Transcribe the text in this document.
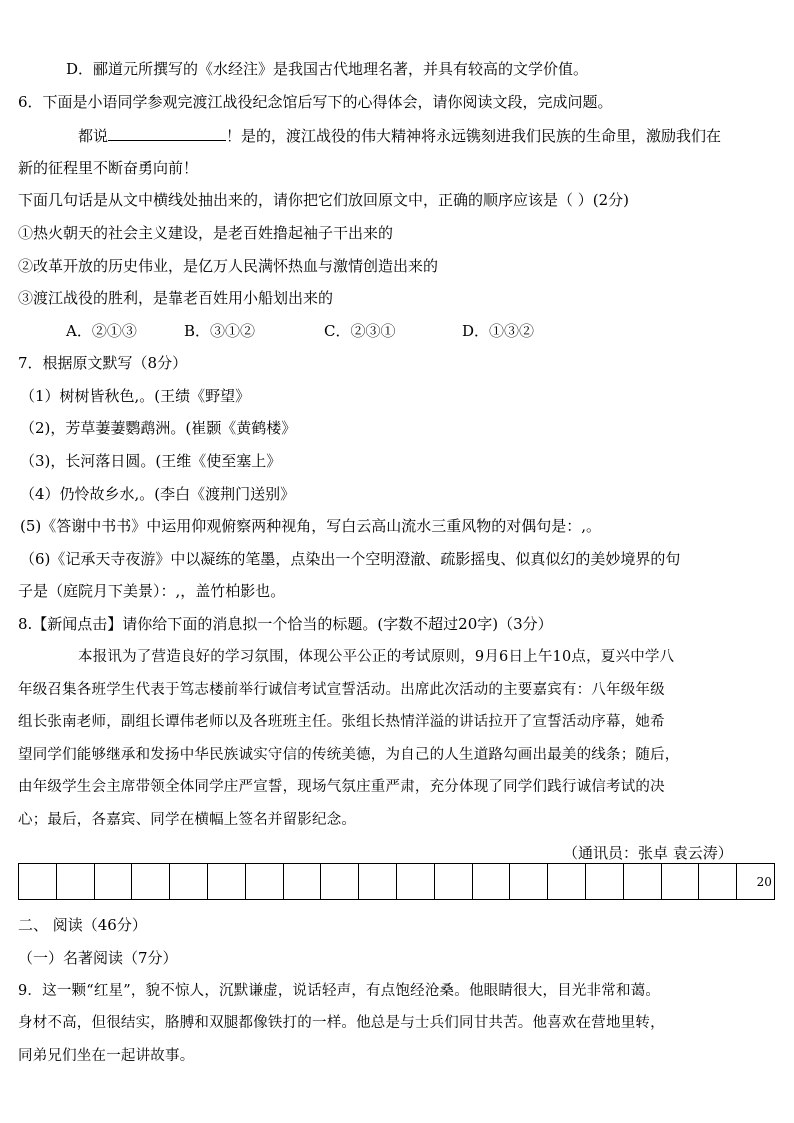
D．郦道元所撰写的《水经注》是我国古代地理名著，并具有较高的文学价值。
6．下面是小语同学参观完渡江战役纪念馆后写下的心得体会，请你阅读文段，完成问题。
都说	！是的，渡江战役的伟大精神将永远镌刻进我们民族的生命里，激励我们在
新的征程里不断奋勇向前！
下面几句话是从文中横线处抽出来的，请你把它们放回原文中，正确的顺序应该是（ ）(2分)
①热火朝天的社会主义建设，是老百姓撸起袖子干出来的
②改革开放的历史伟业，是亿万人民满怀热血与激情创造出来的
③渡江战役的胜利，是靠老百姓用小船划出来的
A．②①③	B．③①②	C．②③①	D．①③②
7．根据原文默写（8分）
（1）树树皆秋色,。(王绩《野望》
（2)，芳草萋萋鹦鹉洲。(崔颢《黄鹤楼》
（3)，长河落日圆。(王维《使至塞上》
（4）仍怜故乡水,。(李白《渡荆门送别》
(5)《答谢中书书》中运用仰观俯察两种视角，写白云高山流水三重风物的对偶句是：,。
（6)《记承天寺夜游》中以凝练的笔墨，点染出一个空明澄澈、疏影摇曳、似真似幻的美妙境界的句
子是（庭院月下美景）：,，盖竹柏影也。
8.【新闻点击】请你给下面的消息拟一个恰当的标题。(字数不超过20字)（3分）
本报讯为了营造良好的学习氛围，体现公平公正的考试原则，9月6日上午10点，夏兴中学八
年级召集各班学生代表于笃志楼前举行诚信考试宣誓活动。出席此次活动的主要嘉宾有：八年级年级
组长张南老师，副组长谭伟老师以及各班班主任。张组长热情洋溢的讲话拉开了宣誓活动序幕，她希
望同学们能够继承和发扬中华民族诚实守信的传统美德，为自己的人生道路勾画出最美的线条；随后，
由年级学生会主席带领全体同学庄严宣誓，现场气氛庄重严肃，充分体现了同学们践行诚信考试的决
心；最后，各嘉宾、同学在横幅上签名并留影纪念。
（通讯员：张卓 袁云涛）
20
二、 阅读（46分）
（一）名著阅读（7分）
9．这一颗“红星”，貌不惊人，沉默谦虚，说话轻声，有点饱经沧桑。他眼睛很大，目光非常和蔼。
身材不高，但很结实，胳膊和双腿都像铁打的一样。他总是与士兵们同甘共苦。他喜欢在营地里转，
同弟兄们坐在一起讲故事。
